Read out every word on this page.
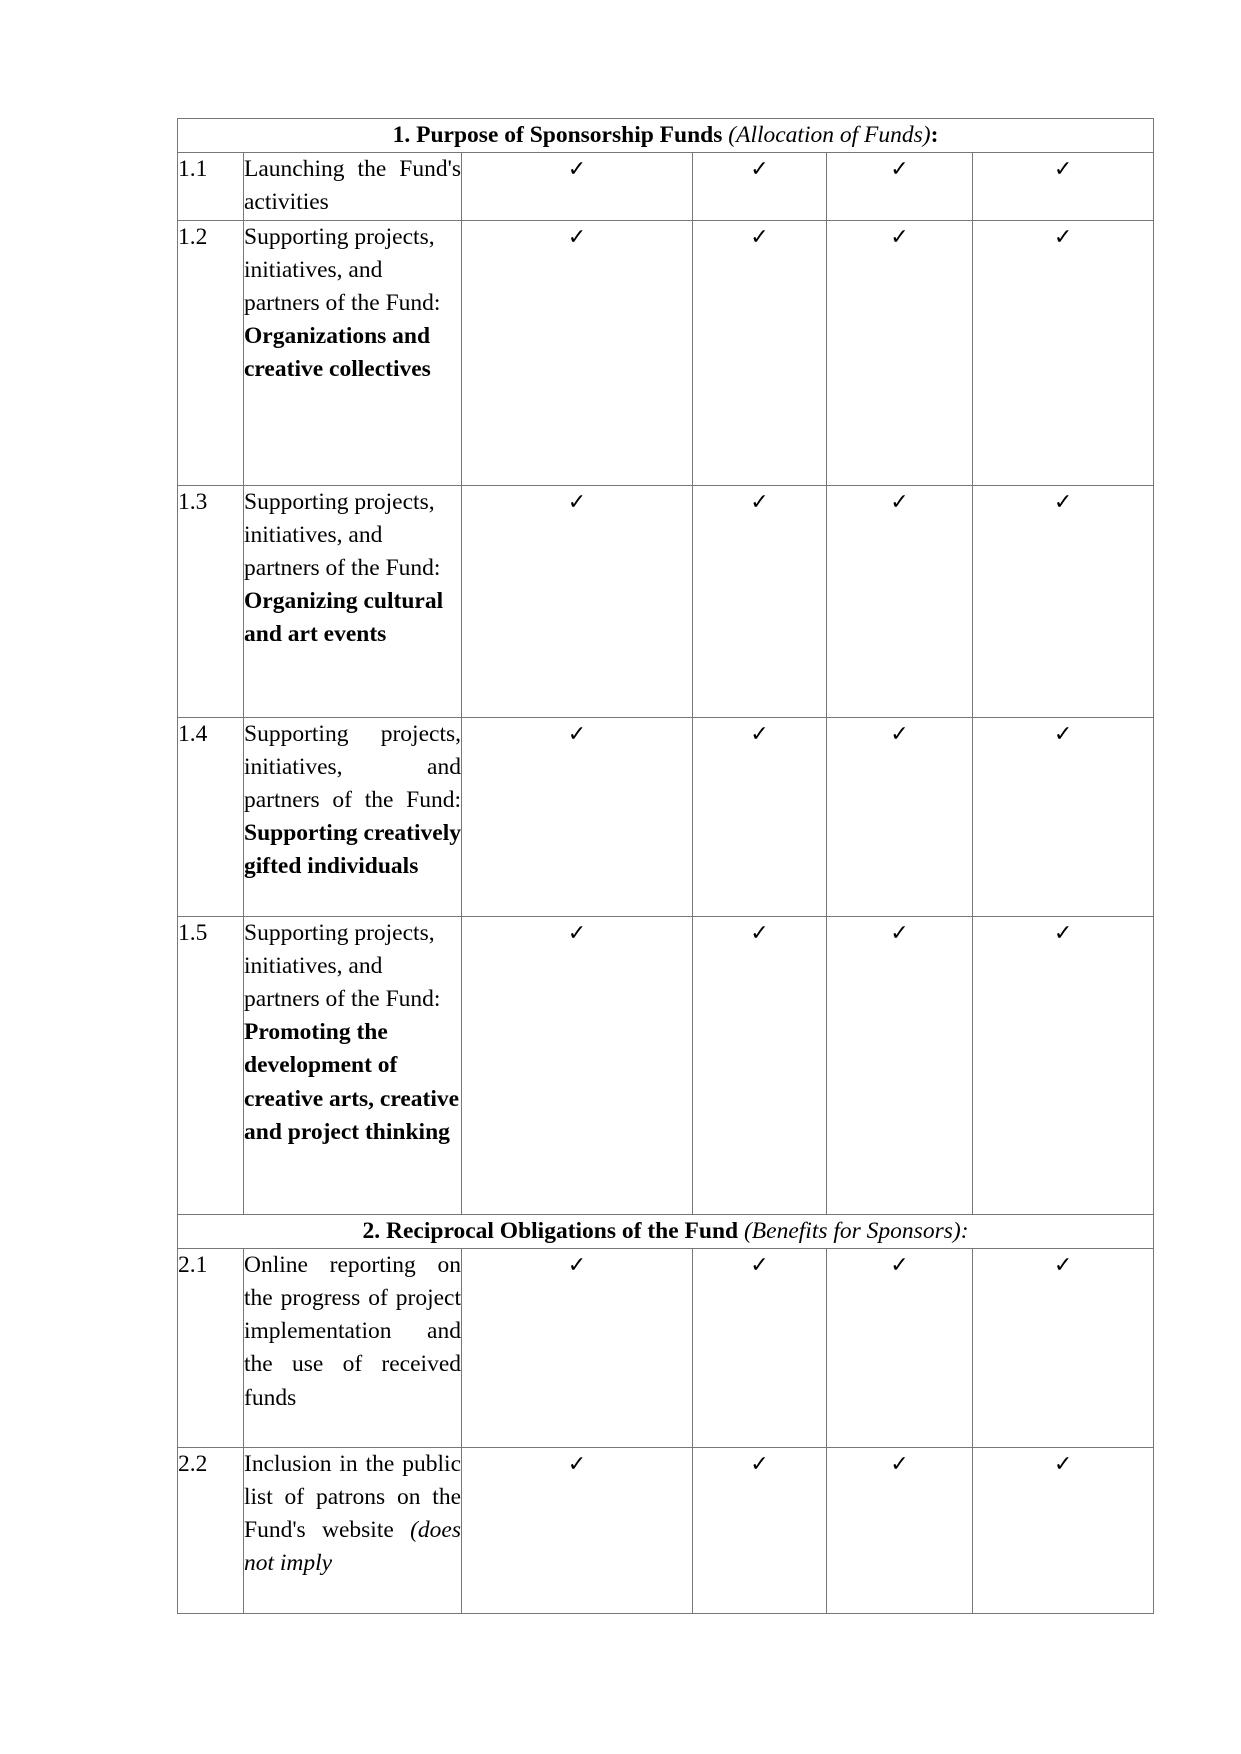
1. Purpose of Sponsorship Funds (Allocation of Funds):					
1.1	Launching the Fund's activities	✓	✓	✓	✓
1.2	Supporting projects, initiatives, and partners of the Fund: Organizations and creative collectives	✓	✓	✓	✓
1.3	Supporting projects, initiatives, and partners of the Fund: Organizing cultural and art events	✓	✓	✓	✓
1.4	Supporting projects, initiatives, and partners of the Fund: Supporting creatively gifted individuals	✓	✓	✓	✓
1.5	Supporting projects, initiatives, and partners of the Fund: Promoting the development of creative arts, creative and project thinking	✓	✓	✓	✓
2. Reciprocal Obligations of the Fund (Benefits for Sponsors):					
2.1	Online reporting on the progress of project implementation and the use of received funds	✓	✓	✓	✓
2.2	Inclusion in the public list of patrons on the Fund's website (does not imply	✓	✓	✓	✓
